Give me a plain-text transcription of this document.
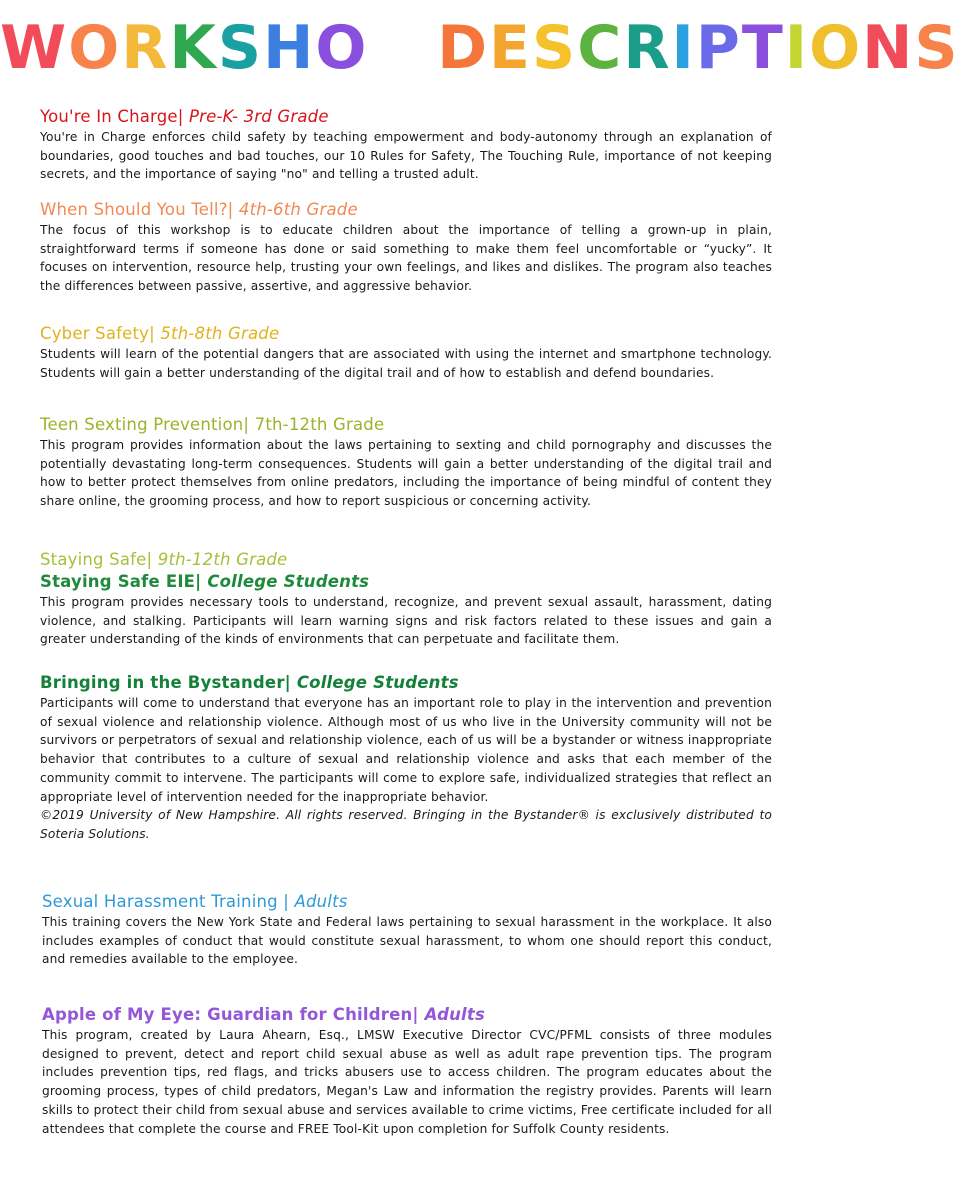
WORKSHOP DESCRIPTIONS

You're In Charge| Pre-K- 3rd Grade

You're in Charge enforces child safety by teaching empowerment and body-autonomy through an explanation of boundaries, good touches and bad touches, our 10 Rules for Safety, The Touching Rule, importance of not keeping secrets, and the importance of saying "no" and telling a trusted adult.

When Should You Tell?| 4th-6th Grade

The focus of this workshop is to educate children about the importance of telling a grown-up in plain, straightforward terms if someone has done or said something to make them feel uncomfortable or “yucky”. It focuses on intervention, resource help, trusting your own feelings, and likes and dislikes. The program also teaches the differences between passive, assertive, and aggressive behavior.

Cyber Safety| 5th-8th Grade

Students will learn of the potential dangers that are associated with using the internet and smartphone technology. Students will gain a better understanding of the digital trail and of how to establish and defend boundaries.

Teen Sexting Prevention| 7th-12th Grade

This program provides information about the laws pertaining to sexting and child pornography and discusses the potentially devastating long-term consequences. Students will gain a better understanding of the digital trail and how to better protect themselves from online predators, including the importance of being mindful of content they share online, the grooming process, and how to report suspicious or concerning activity.

Staying Safe| 9th-12th Grade

Staying Safe EIE| College Students

This program provides necessary tools to understand, recognize, and prevent sexual assault, harassment, dating violence, and stalking. Participants will learn warning signs and risk factors related to these issues and gain a greater understanding of the kinds of environments that can perpetuate and facilitate them.

Bringing in the Bystander| College Students

Participants will come to understand that everyone has an important role to play in the intervention and prevention of sexual violence and relationship violence. Although most of us who live in the University community will not be survivors or perpetrators of sexual and relationship violence, each of us will be a bystander or witness inappropriate behavior that contributes to a culture of sexual and relationship violence and asks that each member of the community commit to intervene. The participants will come to explore safe, individualized strategies that reflect an appropriate level of intervention needed for the inappropriate behavior.

©2019 University of New Hampshire. All rights reserved. Bringing in the Bystander® is exclusively distributed to Soteria Solutions.

Sexual Harassment Training | Adults

This training covers the New York State and Federal laws pertaining to sexual harassment in the workplace. It also includes examples of conduct that would constitute sexual harassment, to whom one should report this conduct, and remedies available to the employee.

Apple of My Eye: Guardian for Children| Adults

This program, created by Laura Ahearn, Esq., LMSW Executive Director CVC/PFML consists of three modules designed to prevent, detect and report child sexual abuse as well as adult rape prevention tips. The program includes prevention tips, red flags, and tricks abusers use to access children. The program educates about the grooming process, types of child predators, Megan's Law and information the registry provides. Parents will learn skills to protect their child from sexual abuse and services available to crime victims, Free certificate included for all attendees that complete the course and FREE Tool-Kit upon completion for Suffolk County residents.
